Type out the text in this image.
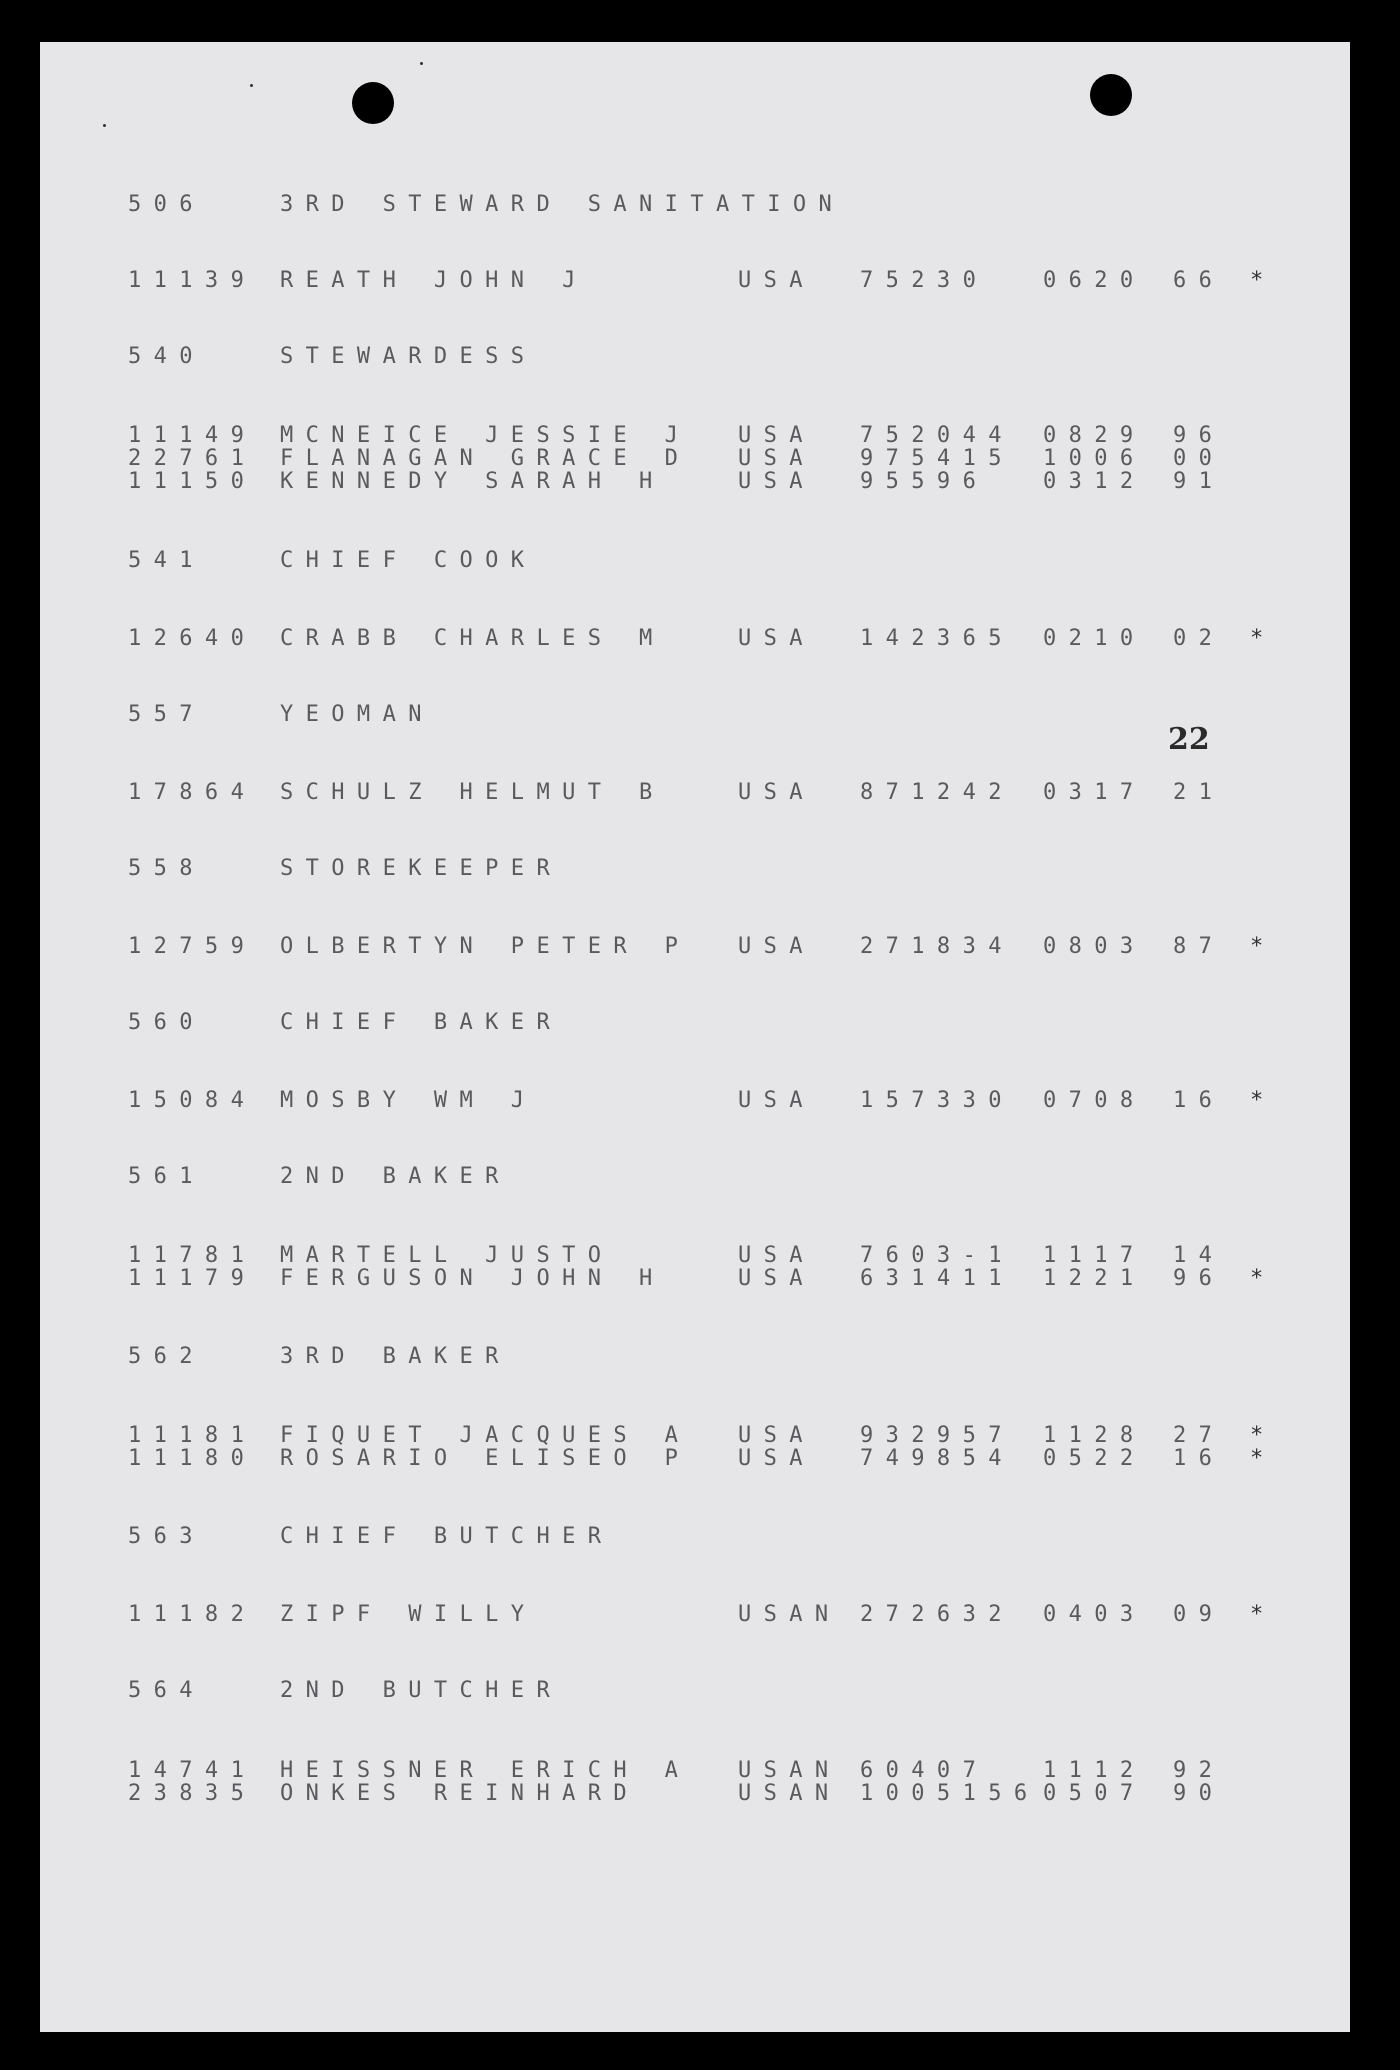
22
506	3RD STEWARD SANITATION
11139 REATH JOHN J	USA 75230 0620 66 *
540	STEWARDESS
11149 MCNEICE JESSIE J USA 752044 0829 96
22761 FLANAGAN GRACE D USA 975415 1006 00
11150 KENNEDY SARAH H	USA 95596 0312 91
541	CHIEF COOK
12640 CRABB CHARLES M	USA 142365 0210 02 *
557	YEOMAN
17864 SCHULZ HELMUT B	USA 871242 0317 21
558	STOREKEEPER
12759 OLBERTYN PETER P USA 271834 0803 87 *
560	CHIEF BAKER
15084 MOSBY WM J	USA 157330 0708 16 *
561	2ND BAKER
11781 MARTELL JUSTO	USA 7603-1 1117 14
11179 FERGUSON JOHN H	USA 631411 1221 96 *
562	3RD BAKER
11181 FIQUET JACQUES A USA 932957 1128 27 *
11180 ROSARIO ELISEO P USA 749854 0522 16 *
563	CHIEF BUTCHER
11182 ZIPF WILLY	USAN 272632 0403 09 *
564	2ND BUTCHER
14741 HEISSNER ERICH A USAN 60407 1112 92
23835 ONKES REINHARD	USAN 1005156 0507 90
